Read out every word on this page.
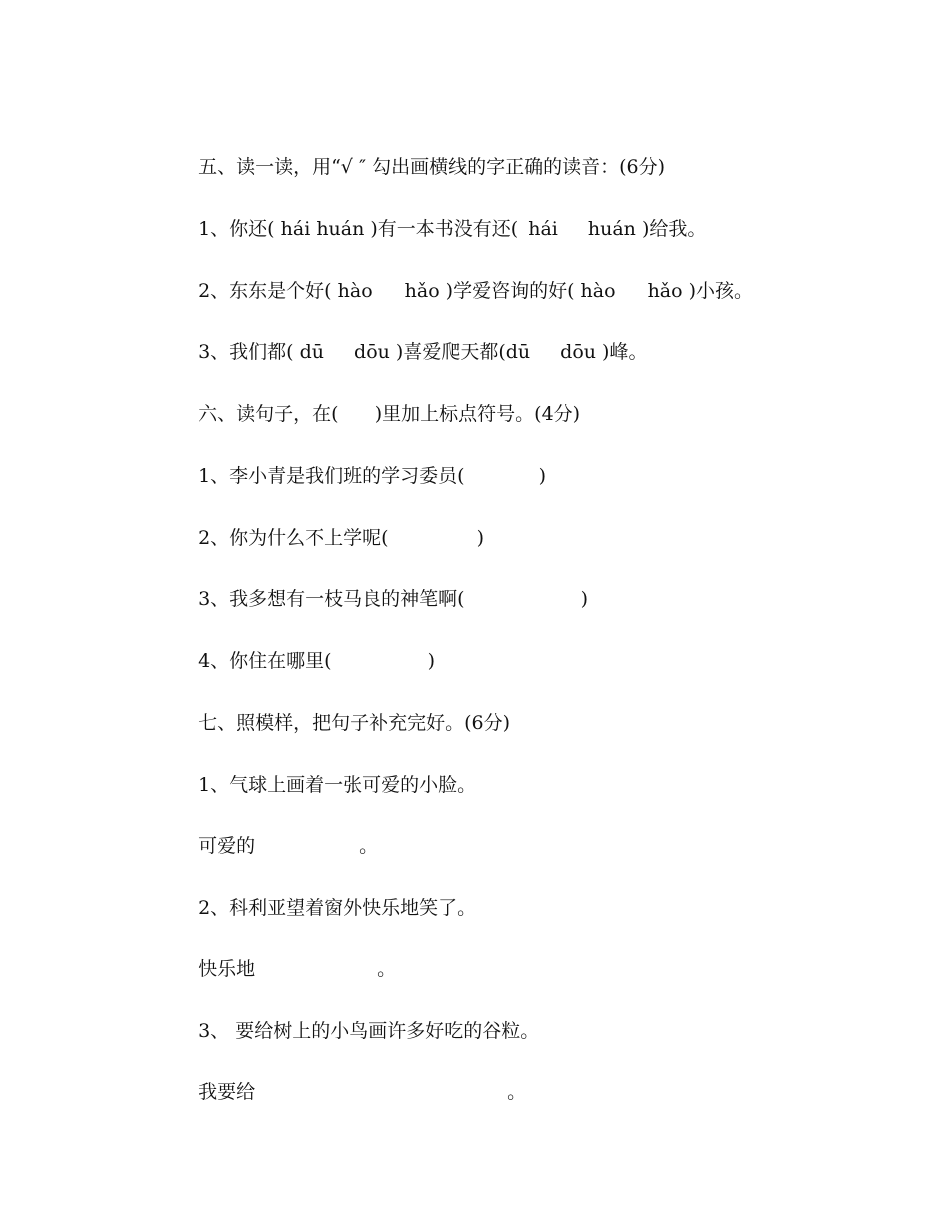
五、读一读，用“√ ″ 勾出画横线的字正确的读音：(6分)

1、你还( hái huán )有一本书没有还( hái huán )给我。

2、东东是个好( hào hǎo )学爱咨询的好( hào hǎo )小孩。

3、我们都( dū dōu )喜爱爬天都(dū dōu )峰。

六、读句子，在(      )里加上标点符号。(4分)

1、李小青是我们班的学习委员(	)

2、你为什么不上学呢(	)

3、我多想有一枝马良的神笔啊(	)

4、你住在哪里(	)

七、照模样，把句子补充完好。(6分)

1、气球上画着一张可爱的小脸。

可爱的	。

2、科利亚望着窗外快乐地笑了。

快乐地	。

3、 要给树上的小鸟画许多好吃的谷粒。

我要给	。
